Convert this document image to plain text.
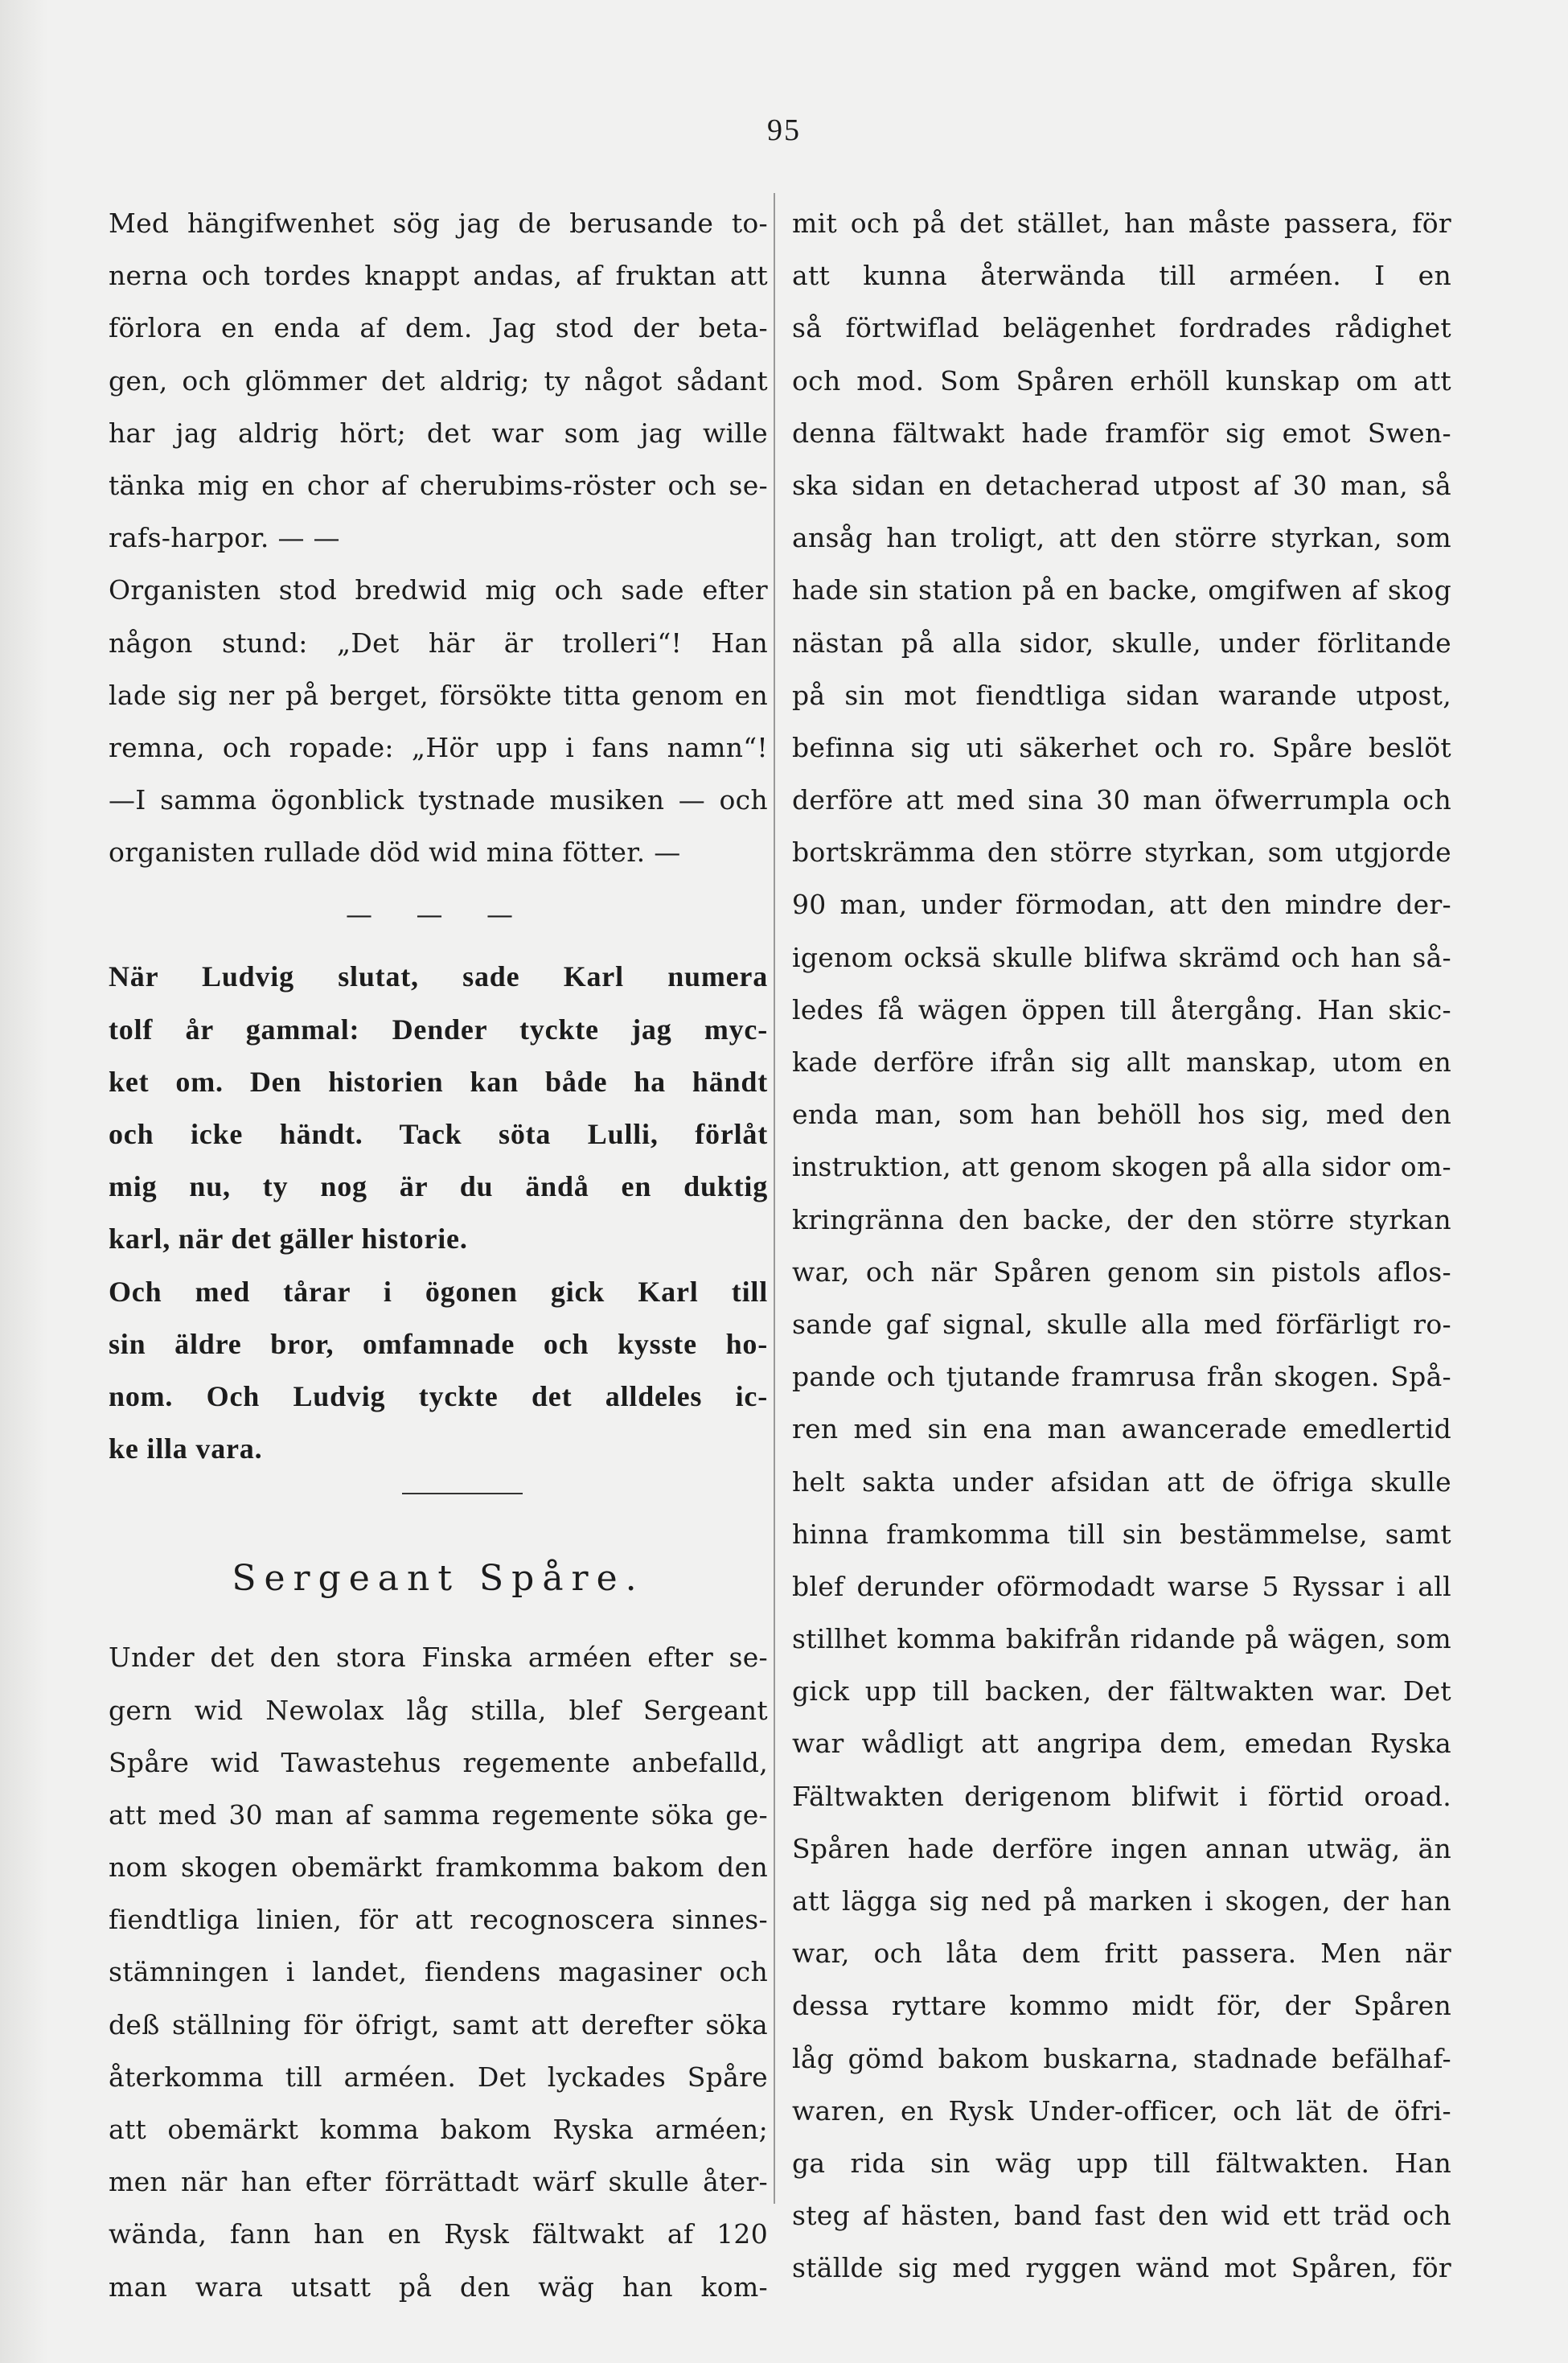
95
Med hängifwenhet sög jag de berusande to-
nerna och tordes knappt andas, af fruktan att
förlora en enda af dem. Jag stod der beta-
gen, och glömmer det aldrig; ty något sådant
har jag aldrig hört; det war som jag wille
tänka mig en chor af cherubims-röster och se-
rafs-harpor. — —
Organisten stod bredwid mig och sade efter
någon stund: „Det här är trolleri“! Han
lade sig ner på berget, försökte titta genom en
remna, och ropade: „Hör upp i fans namn“!
—I samma ögonblick tystnade musiken — och
organisten rullade död wid mina fötter. —
— — —
När Ludvig slutat, sade Karl numera
tolf år gammal: Dender tyckte jag myc-
ket om. Den historien kan både ha händt
och icke händt. Tack söta Lulli, förlåt
mig nu, ty nog är du ändå en duktig
karl, när det gäller historie.
Och med tårar i ögonen gick Karl till
sin äldre bror, omfamnade och kysste ho-
nom. Och Ludvig tyckte det alldeles ic-
ke illa vara.
Sergeant Spåre.
Under det den stora Finska arméen efter se-
gern wid Newolax låg stilla, blef Sergeant
Spåre wid Tawastehus regemente anbefalld,
att med 30 man af samma regemente söka ge-
nom skogen obemärkt framkomma bakom den
fiendtliga linien, för att recognoscera sinnes-
stämningen i landet, fiendens magasiner och
deß ställning för öfrigt, samt att derefter söka
återkomma till arméen. Det lyckades Spåre
att obemärkt komma bakom Ryska arméen;
men när han efter förrättadt wärf skulle åter-
wända, fann han en Rysk fältwakt af 120
man wara utsatt på den wäg han kom-
mit och på det stället, han måste passera, för
att kunna återwända till arméen. I en
så förtwiflad belägenhet fordrades rådighet
och mod. Som Spåren erhöll kunskap om att
denna fältwakt hade framför sig emot Swen-
ska sidan en detacherad utpost af 30 man, så
ansåg han troligt, att den större styrkan, som
hade sin station på en backe, omgifwen af skog
nästan på alla sidor, skulle, under förlitande
på sin mot fiendtliga sidan warande utpost,
befinna sig uti säkerhet och ro. Spåre beslöt
derföre att med sina 30 man öfwerrumpla och
bortskrämma den större styrkan, som utgjorde
90 man, under förmodan, att den mindre der-
igenom ocksä skulle blifwa skrämd och han så-
ledes få wägen öppen till återgång. Han skic-
kade derföre ifrån sig allt manskap, utom en
enda man, som han behöll hos sig, med den
instruktion, att genom skogen på alla sidor om-
kringränna den backe, der den större styrkan
war, och när Spåren genom sin pistols aflos-
sande gaf signal, skulle alla med förfärligt ro-
pande och tjutande framrusa från skogen. Spå-
ren med sin ena man awancerade emedlertid
helt sakta under afsidan att de öfriga skulle
hinna framkomma till sin bestämmelse, samt
blef derunder oförmodadt warse 5 Ryssar i all
stillhet komma bakifrån ridande på wägen, som
gick upp till backen, der fältwakten war. Det
war wådligt att angripa dem, emedan Ryska
Fältwakten derigenom blifwit i förtid oroad.
Spåren hade derföre ingen annan utwäg, än
att lägga sig ned på marken i skogen, der han
war, och låta dem fritt passera. Men när
dessa ryttare kommo midt för, der Spåren
låg gömd bakom buskarna, stadnade befälhaf-
waren, en Rysk Under-officer, och lät de öfri-
ga rida sin wäg upp till fältwakten. Han
steg af hästen, band fast den wid ett träd och
ställde sig med ryggen wänd mot Spåren, för
